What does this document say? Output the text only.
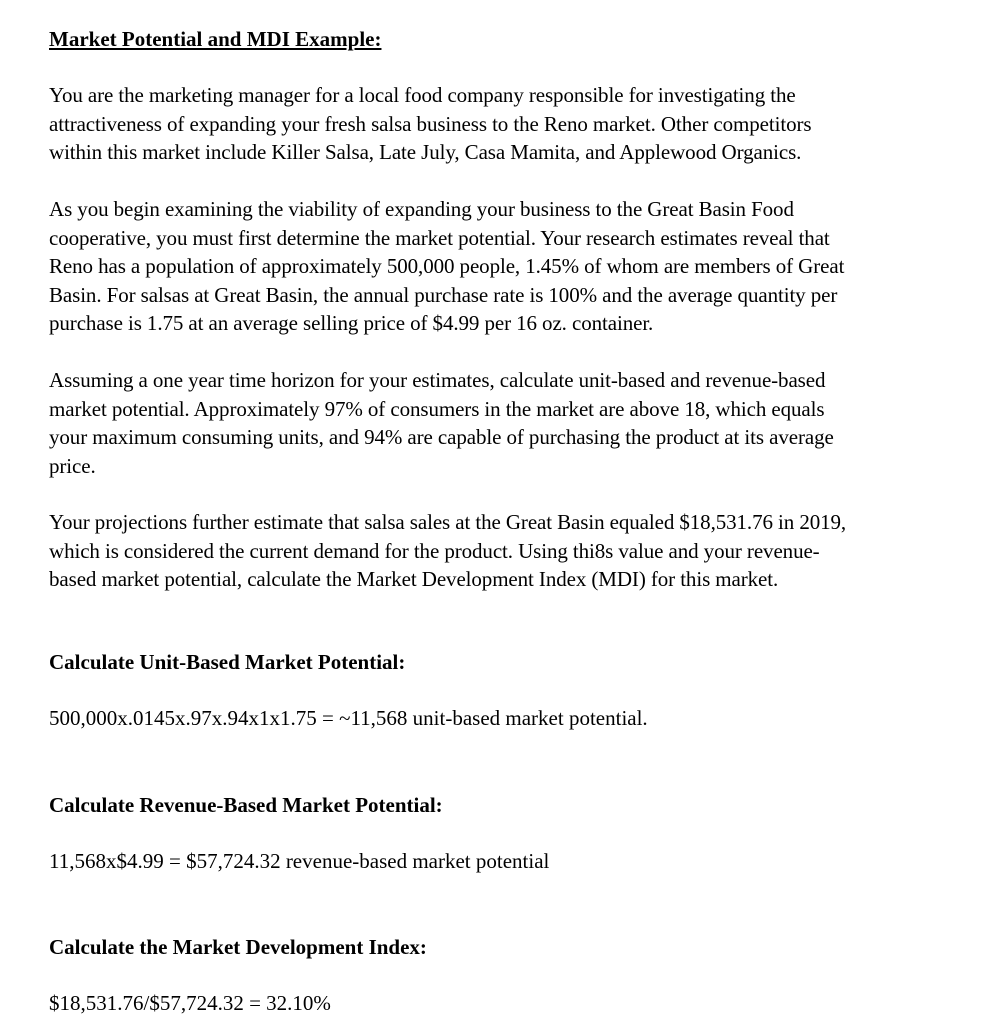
Market Potential and MDI Example:

You are the marketing manager for a local food company responsible for investigating the
attractiveness of expanding your fresh salsa business to the Reno market. Other competitors
within this market include Killer Salsa, Late July, Casa Mamita, and Applewood Organics.

As you begin examining the viability of expanding your business to the Great Basin Food
cooperative, you must first determine the market potential. Your research estimates reveal that
Reno has a population of approximately 500,000 people, 1.45% of whom are members of Great
Basin. For salsas at Great Basin, the annual purchase rate is 100% and the average quantity per
purchase is 1.75 at an average selling price of $4.99 per 16 oz. container.

Assuming a one year time horizon for your estimates, calculate unit-based and revenue-based
market potential. Approximately 97% of consumers in the market are above 18, which equals
your maximum consuming units, and 94% are capable of purchasing the product at its average
price.

Your projections further estimate that salsa sales at the Great Basin equaled $18,531.76 in 2019,
which is considered the current demand for the product. Using thi8s value and your revenue-
based market potential, calculate the Market Development Index (MDI) for this market.

Calculate Unit-Based Market Potential:
500,000x.0145x.97x.94x1x1.75 = ~11,568 unit-based market potential.
Calculate Revenue-Based Market Potential:
11,568x$4.99 = $57,724.32 revenue-based market potential
Calculate the Market Development Index:
$18,531.76/$57,724.32 = 32.10%
